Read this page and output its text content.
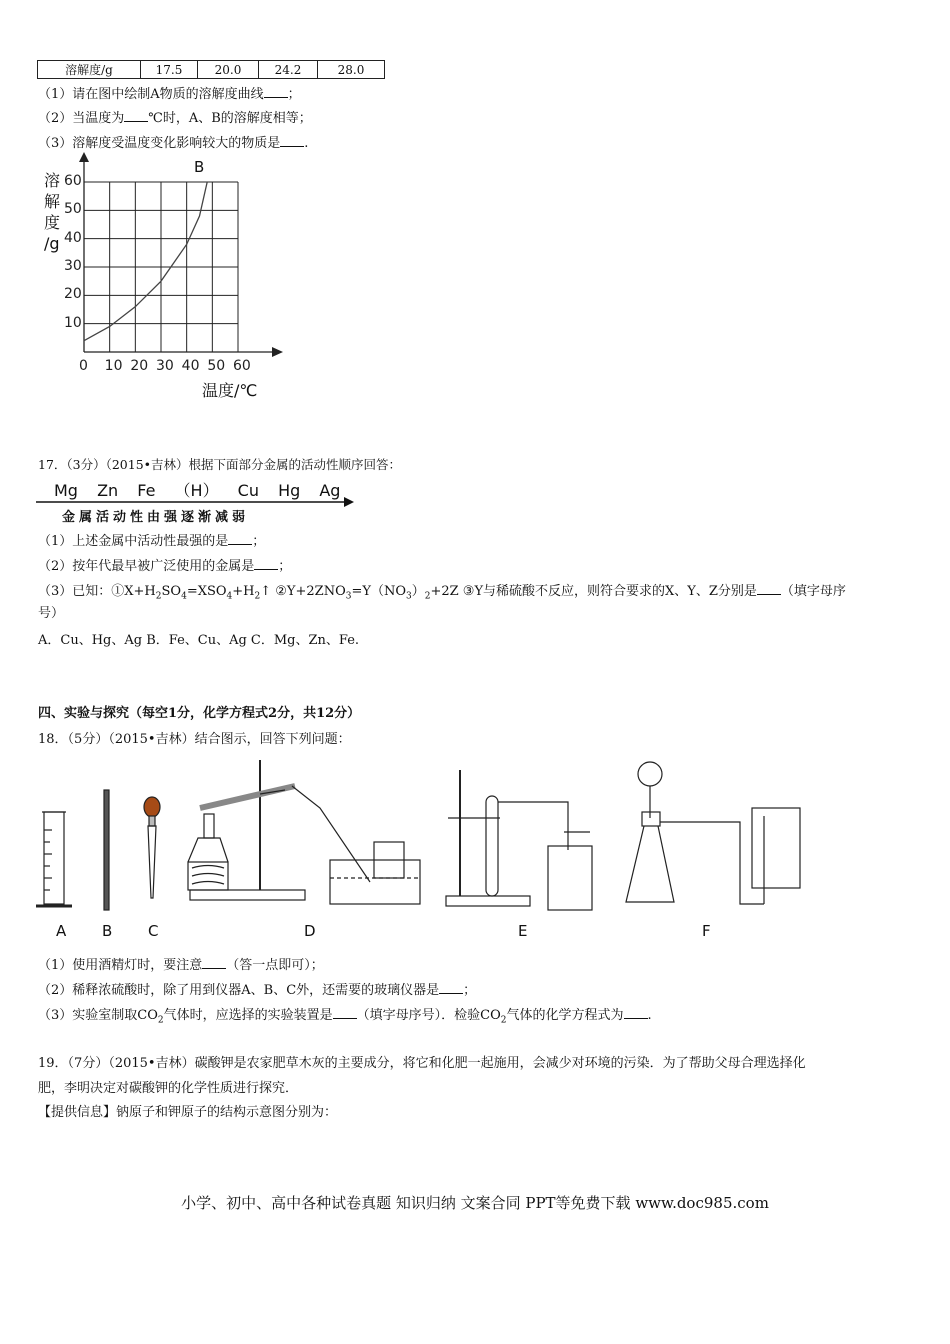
溶解度/g	17.5	20.0	24.2	28.0
（1）请在图中绘制A物质的溶解度曲线 ；
（2）当温度为 ℃时，A、B的溶解度相等；
（3）溶解度受温度变化影响较大的物质是 .
溶
解
度
/g
0 10 20 30 40 50 60
10
20
30
40
50
60
B
温度/℃
17．（3分）（2015•吉林）根据下面部分金属的活动性顺序回答：
Mg Zn Fe （H） Cu Hg Ag
金属活动性由强逐渐减弱
（1）上述金属中活动性最强的是 ；
（2）按年代最早被广泛使用的金属是 ；
（3）已知：$①X+H_2SO_4=XSO_4+H_2↑$ $②Y+2ZNO_3=Y(NO_3)_2+2Z$ ③Y与稀硫酸不反应，则符合要求的X、Y、Z分别是 （填字母序
号）
A．Cu、Hg、Ag B．Fe、Cu、Ag C．Mg、Zn、Fe.
四、实验与探究（每空1分，化学方程式2分，共12分）
18．（5分）（2015•吉林）结合图示，回答下列问题：
A B C	D	E	F
（1）使用酒精灯时，要注意 （答一点即可）；
（2）稀释浓硫酸时，除了用到仪器A、B、C外，还需要的玻璃仪器是 ；
（3）实验室制取$CO_2$气体时，应选择的实验装置是 （填字母序号）．检验$CO_2$气体的化学方程式为 .
19．（7分）（2015•吉林）碳酸钾是农家肥草木灰的主要成分，将它和化肥一起施用，会减少对环境的污染．为了帮助父母合理选择化
肥，李明决定对碳酸钾的化学性质进行探究．
【提供信息】钠原子和钾原子的结构示意图分别为：
小学、初中、高中各种试卷真题 知识归纳 文案合同 PPT等免费下载 www.doc985.com
